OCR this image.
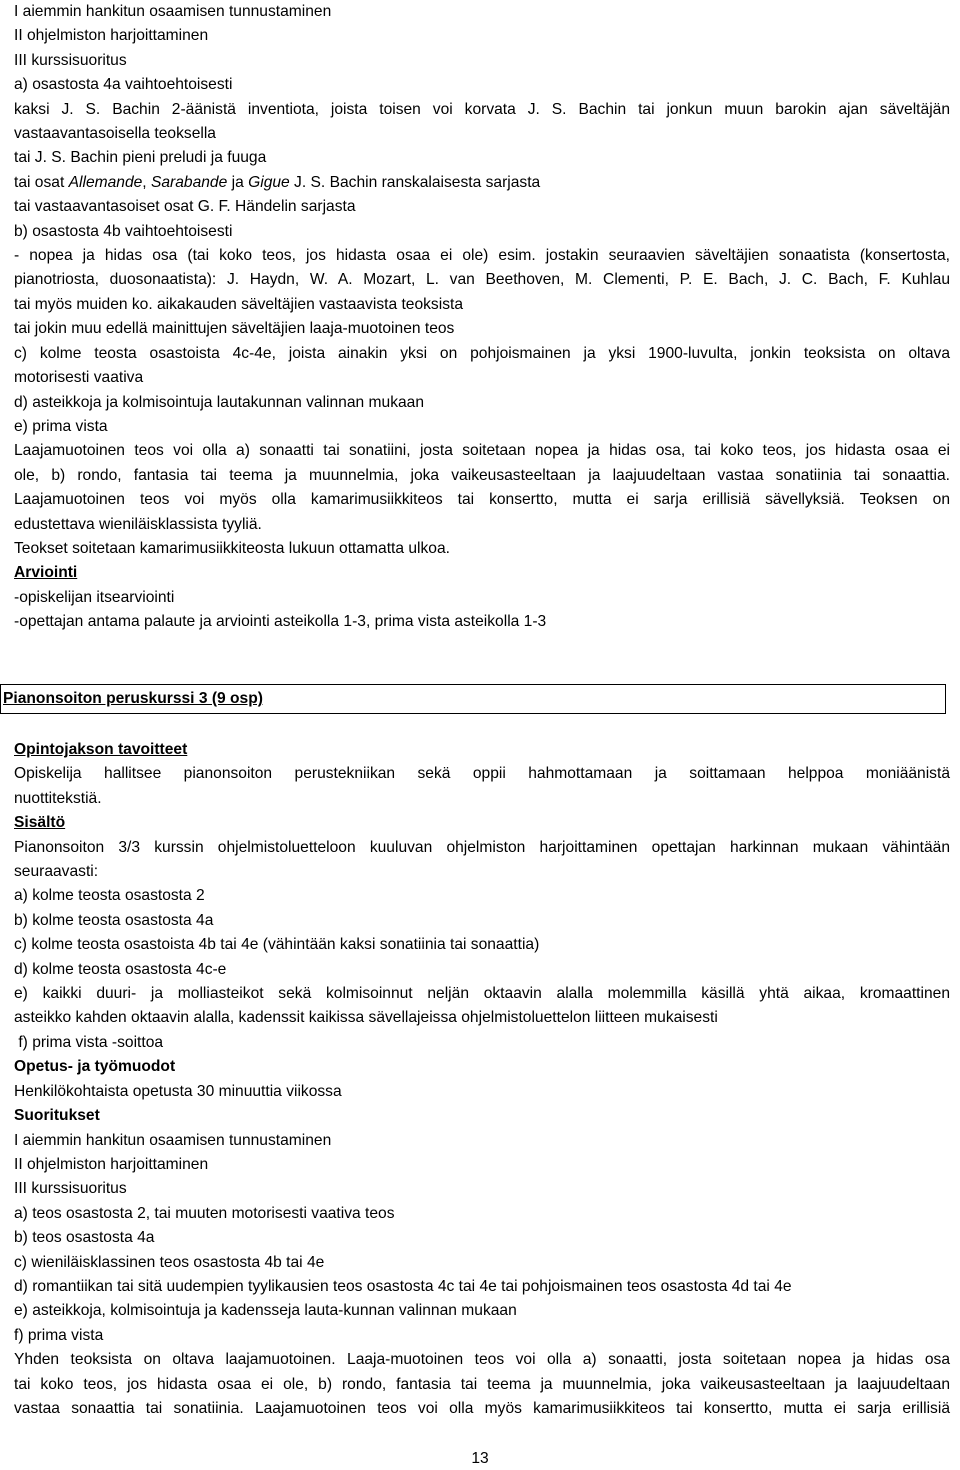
I aiemmin hankitun osaamisen tunnustaminen
II ohjelmiston harjoittaminen
III kurssisuoritus
a) osastosta 4a vaihtoehtoisesti
kaksi J. S. Bachin 2-äänistä inventiota, joista toisen voi korvata J. S. Bachin tai jonkun muun barokin ajan säveltäjän
vastaavantasoisella teoksella
tai J. S. Bachin pieni preludi ja fuuga
tai osat Allemande, Sarabande ja Gigue J. S. Bachin ranskalaisesta sarjasta
tai vastaavantasoiset osat G. F. Händelin sarjasta
b) osastosta 4b vaihtoehtoisesti
- nopea ja hidas osa (tai koko teos, jos hidasta osaa ei ole) esim. jostakin seuraavien säveltäjien sonaatista (konsertosta,
pianotriosta, duosonaatista): J. Haydn, W. A. Mozart, L. van Beethoven, M. Clementi, P. E. Bach, J. C. Bach, F. Kuhlau
tai myös muiden ko. aikakauden säveltäjien vastaavista teoksista
tai jokin muu edellä mainittujen säveltäjien laaja-muotoinen teos
c) kolme teosta osastoista 4c-4e, joista ainakin yksi on pohjoismainen ja yksi 1900-luvulta, jonkin teoksista on oltava
motorisesti vaativa
d) asteikkoja ja kolmisointuja lautakunnan valinnan mukaan
e) prima vista
Laajamuotoinen teos voi olla a) sonaatti tai sonatiini, josta soitetaan nopea ja hidas osa, tai koko teos, jos hidasta osaa ei
ole, b) rondo, fantasia tai teema ja muunnelmia, joka vaikeusasteeltaan ja laajuudeltaan vastaa sonatiinia tai sonaattia.
Laajamuotoinen teos voi myös olla kamarimusiikkiteos tai konsertto, mutta ei sarja erillisiä sävellyksiä. Teoksen on
edustettava wieniläisklassista tyyliä.
Teokset soitetaan kamarimusiikkiteosta lukuun ottamatta ulkoa.
Arviointi
-opiskelijan itsearviointi
-opettajan antama palaute ja arviointi asteikolla 1-3, prima vista asteikolla 1-3
Pianonsoiton peruskurssi 3 (9 osp)
Opintojakson tavoitteet
Opiskelija hallitsee pianonsoiton perustekniikan sekä oppii hahmottamaan ja soittamaan helppoa moniäänistä
nuottitekstiä.
Sisältö
Pianonsoiton 3/3 kurssin ohjelmistoluetteloon kuuluvan ohjelmiston harjoittaminen opettajan harkinnan mukaan vähintään
seuraavasti:
a) kolme teosta osastosta 2
b) kolme teosta osastosta 4a
c) kolme teosta osastoista 4b tai 4e (vähintään kaksi sonatiinia tai sonaattia)
d) kolme teosta osastosta 4c-e
e) kaikki duuri- ja molliasteikot sekä kolmisoinnut neljän oktaavin alalla molemmilla käsillä yhtä aikaa, kromaattinen
asteikko kahden oktaavin alalla, kadenssit kaikissa sävellajeissa ohjelmistoluettelon liitteen mukaisesti
f) prima vista -soittoa
Opetus- ja työmuodot
Henkilökohtaista opetusta 30 minuuttia viikossa
Suoritukset
I aiemmin hankitun osaamisen tunnustaminen
II ohjelmiston harjoittaminen
III kurssisuoritus
a) teos osastosta 2, tai muuten motorisesti vaativa teos
b) teos osastosta 4a
c) wieniläisklassinen teos osastosta 4b tai 4e
d) romantiikan tai sitä uudempien tyylikausien teos osastosta 4c tai 4e tai pohjoismainen teos osastosta 4d tai 4e
e) asteikkoja, kolmisointuja ja kadensseja lauta-kunnan valinnan mukaan
f) prima vista
Yhden teoksista on oltava laajamuotoinen. Laaja-muotoinen teos voi olla a) sonaatti, josta soitetaan nopea ja hidas osa
tai koko teos, jos hidasta osaa ei ole, b) rondo, fantasia tai teema ja muunnelmia, joka vaikeusasteeltaan ja laajuudeltaan
vastaa sonaattia tai sonatiinia. Laajamuotoinen teos voi olla myös kamarimusiikkiteos tai konsertto, mutta ei sarja erillisiä
13
